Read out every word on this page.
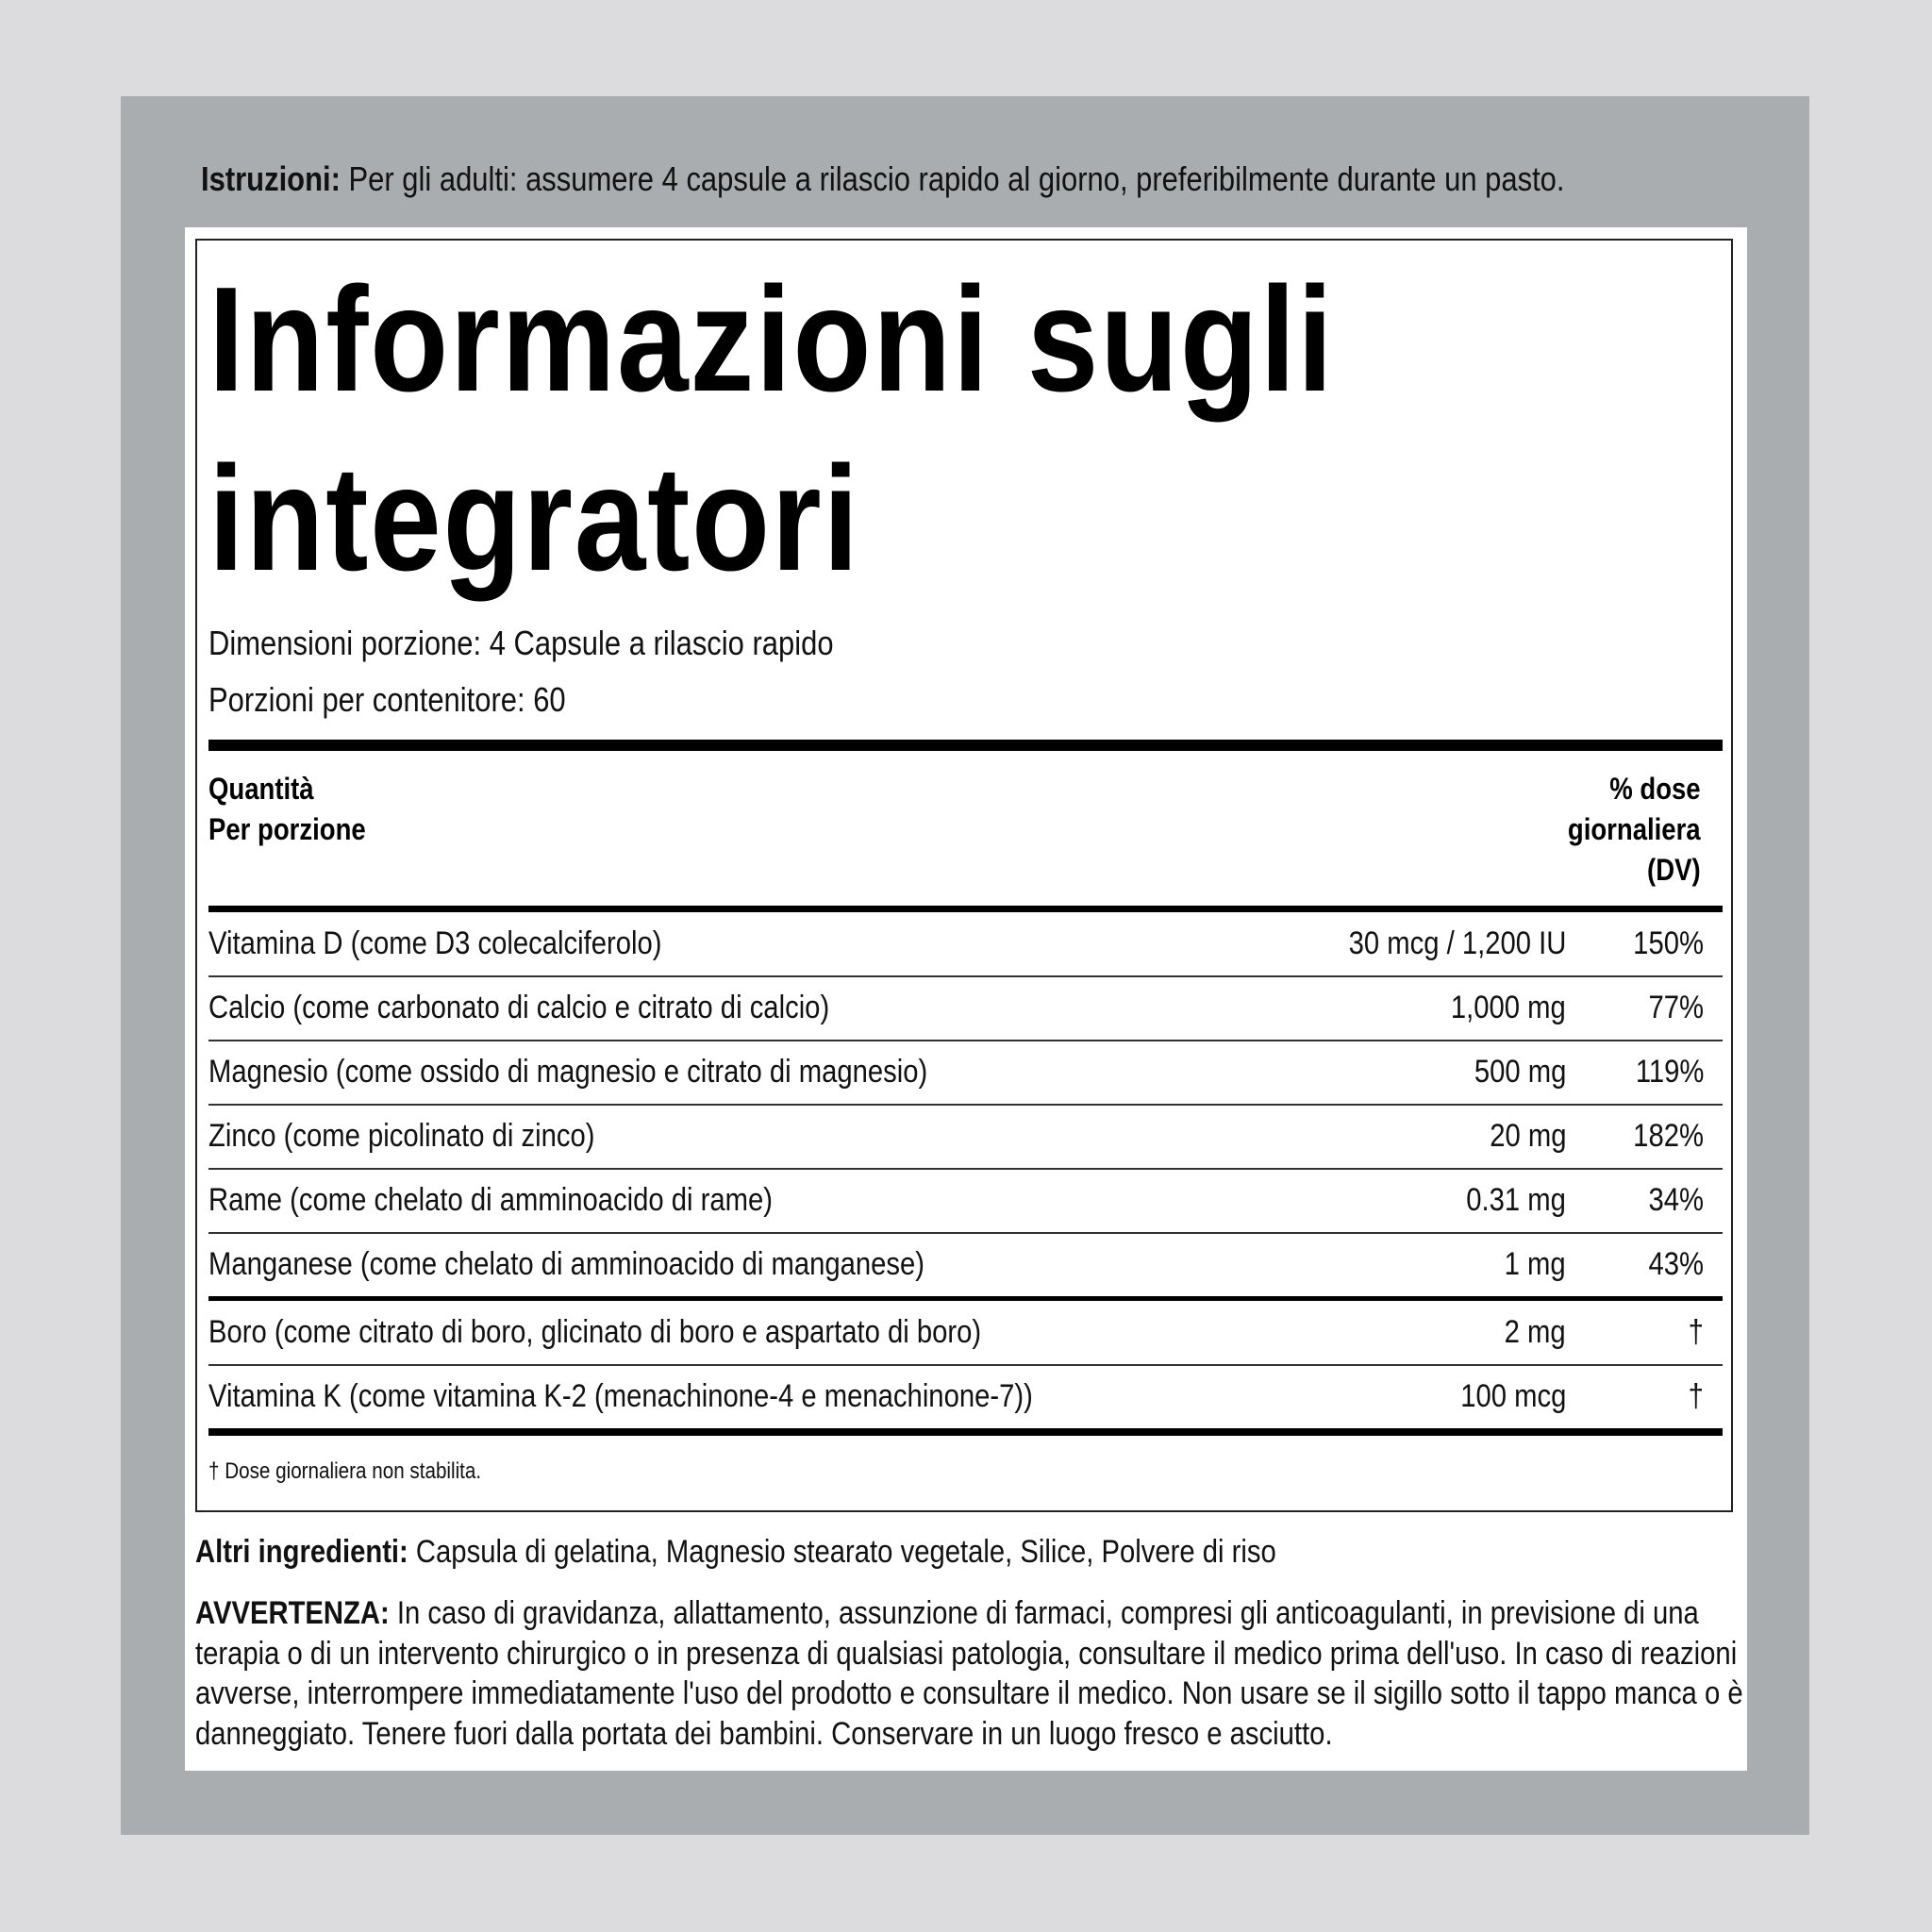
Istruzioni: Per gli adulti: assumere 4 capsule a rilascio rapido al giorno, preferibilmente durante un pasto.
Informazioni sugli
integratori
Dimensioni porzione: 4 Capsule a rilascio rapido
Porzioni per contenitore: 60
Quantità
Per porzione
% dose
giornaliera
(DV)
Vitamina D (come D3 colecalciferolo)	30 mcg / 1,200 IU 150%
Calcio (come carbonato di calcio e citrato di calcio)	1,000 mg	77%
Magnesio (come ossido di magnesio e citrato di magnesio)	500 mg 119%
Zinco (come picolinato di zinco)	20 mg 182%
Rame (come chelato di amminoacido di rame)	0.31 mg	34%
Manganese (come chelato di amminoacido di manganese)	1 mg	43%
Boro (come citrato di boro, glicinato di boro e aspartato di boro)	2 mg	†
Vitamina K (come vitamina K-2 (menachinone-4 e menachinone-7))	100 mcg	†
† Dose giornaliera non stabilita.
Altri ingredienti: Capsula di gelatina, Magnesio stearato vegetale, Silice, Polvere di riso
AVVERTENZA: In caso di gravidanza, allattamento, assunzione di farmaci, compresi gli anticoagulanti, in previsione di una terapia o di un intervento chirurgico o in presenza di qualsiasi patologia, consultare il medico prima dell'uso. In caso di reazioni avverse, interrompere immediatamente l'uso del prodotto e consultare il medico. Non usare se il sigillo sotto il tappo manca o è danneggiato. Tenere fuori dalla portata dei bambini. Conservare in un luogo fresco e asciutto.
